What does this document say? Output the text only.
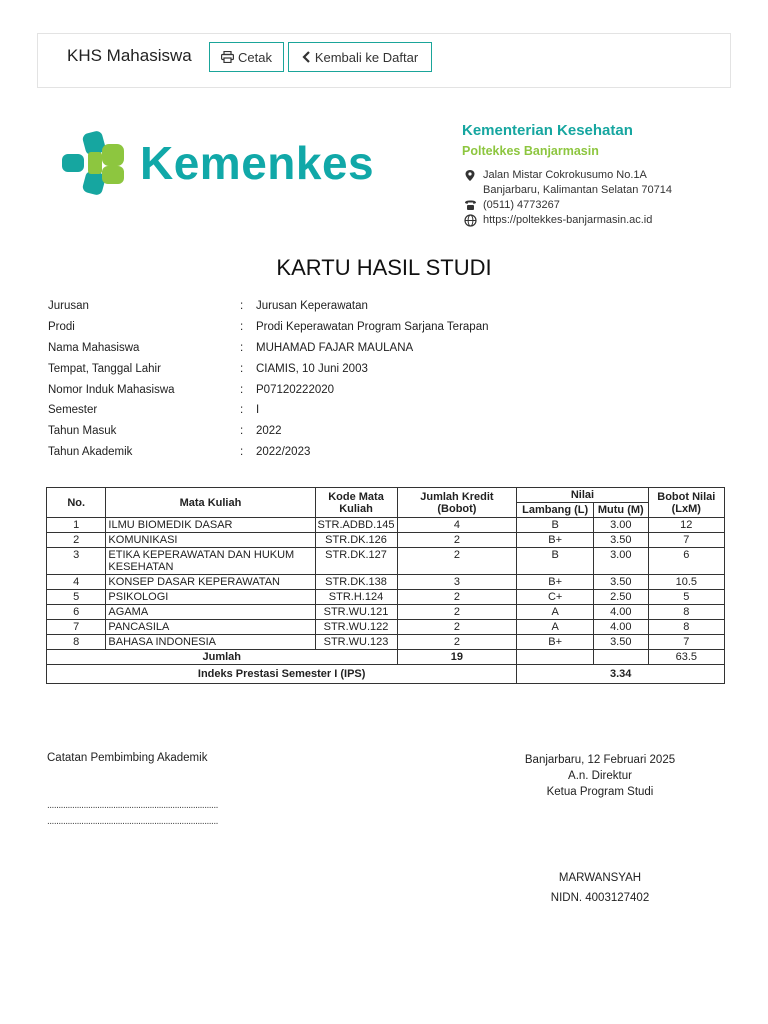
KHS Mahasiswa	Cetak	Kembali ke Daftar
Kemenkes
Kementerian Kesehatan
Poltekkes Banjarmasin
Jalan Mistar Cokrokusumo No.1A
Banjarbaru, Kalimantan Selatan 70714
(0511) 4773267
https://poltekkes-banjarmasin.ac.id
KARTU HASIL STUDI
Jurusan	:	Jurusan Keperawatan
Prodi	:	Prodi Keperawatan Program Sarjana Terapan
Nama Mahasiswa	:	MUHAMAD FAJAR MAULANA
Tempat, Tanggal Lahir	:	CIAMIS, 10 Juni 2003
Nomor Induk Mahasiswa	:	P07120222020
Semester	:	I
Tahun Masuk	:	2022
Tahun Akademik	:	2022/2023
No.	Mata Kuliah	Kode Mata Kuliah	Jumlah Kredit (Bobot)	Nilai		Bobot Nilai (LxM)
				Lambang (L)	Mutu (M)	
1	ILMU BIOMEDIK DASAR	STR.ADBD.145	4	B	3.00	12
2	KOMUNIKASI	STR.DK.126	2	B+	3.50	7
3	ETIKA KEPERAWATAN DAN HUKUM KESEHATAN	STR.DK.127	2	B	3.00	6
4	KONSEP DASAR KEPERAWATAN	STR.DK.138	3	B+	3.50	10.5
5	PSIKOLOGI	STR.H.124	2	C+	2.50	5
6	AGAMA	STR.WU.121	2	A	4.00	8
7	PANCASILA	STR.WU.122	2	A	4.00	8
8	BAHASA INDONESIA	STR.WU.123	2	B+	3.50	7
Jumlah			19			63.5
Indeks Prestasi Semester I (IPS)				3.34		
Catatan Pembimbing Akademik
...........................................................................
...........................................................................
Banjarbaru, 12 Februari 2025
A.n. Direktur
Ketua Program Studi
MARWANSYAH
NIDN. 4003127402
